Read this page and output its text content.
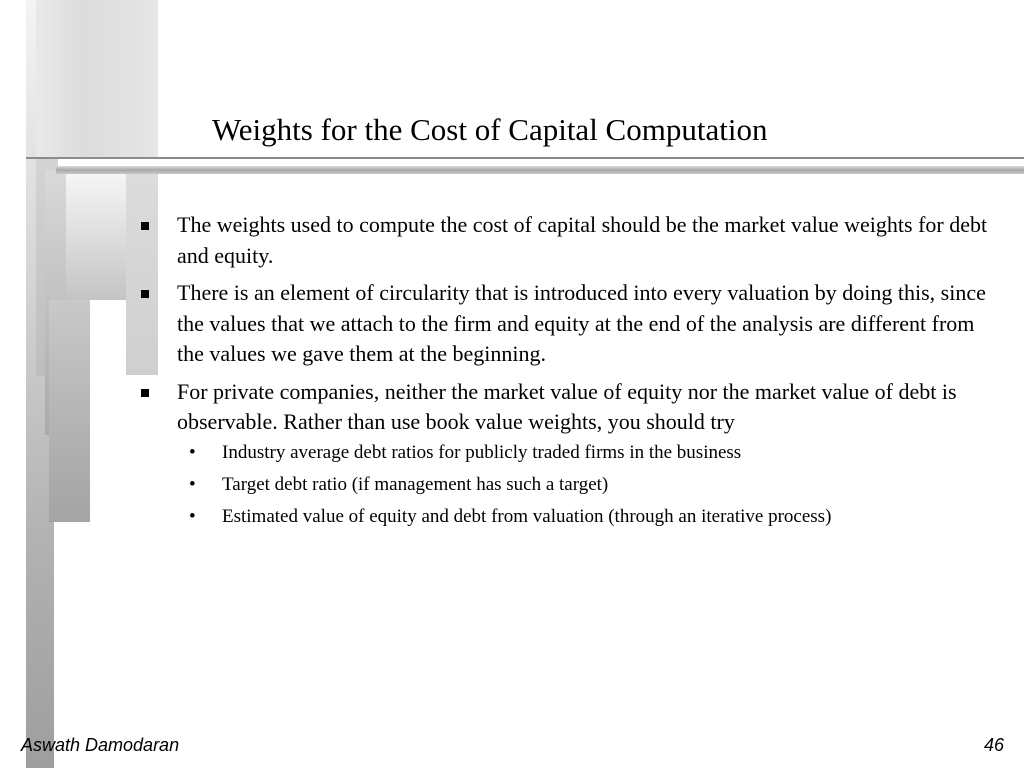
Weights for the Cost of Capital Computation
The weights used to compute the cost of capital should be the market value weights for debt and equity.
There is an element of circularity that is introduced into every valuation by doing this, since the values that we attach to the firm and equity at the end of the analysis are different from the values we gave them at the beginning.
For private companies, neither the market value of equity nor the market value of debt is observable. Rather than use book value weights, you should try
• Industry average debt ratios for publicly traded firms in the business
• Target debt ratio (if management has such a target)
• Estimated value of equity and debt from valuation (through an iterative process)
Aswath Damodaran	46
